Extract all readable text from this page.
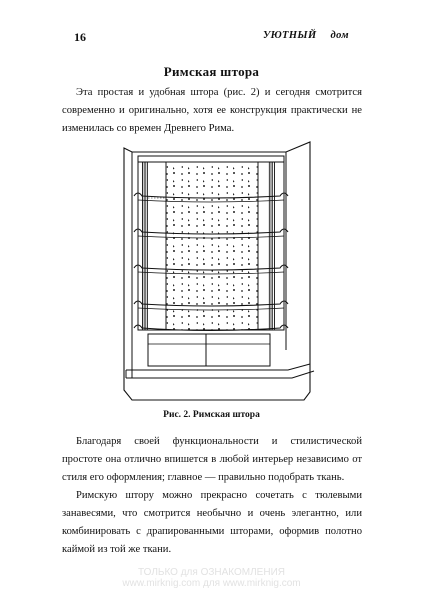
16	УЮТНЫЙ дом
Римская штора

Эта простая и удобная штора (рис. 2) и сегодня смотрится современно и оригинально, хотя ее конструкция практически не изменилась со времен Древнего Рима.

Рис. 2. Римская штора

Благодаря своей функциональности и стилистической простоте она отлично впишется в любой интерьер независимо от стиля его оформления; главное — правильно подобрать ткань.

Римскую штору можно прекрасно сочетать с тюлевыми занавесями, что смотрится необычно и очень элегантно, или комбинировать с драпированными шторами, оформив полотно каймой из той же ткани.

ТОЛЬКО для ОЗНАКОМЛЕНИЯ
www.mirknig.com для www.mirknig.com
